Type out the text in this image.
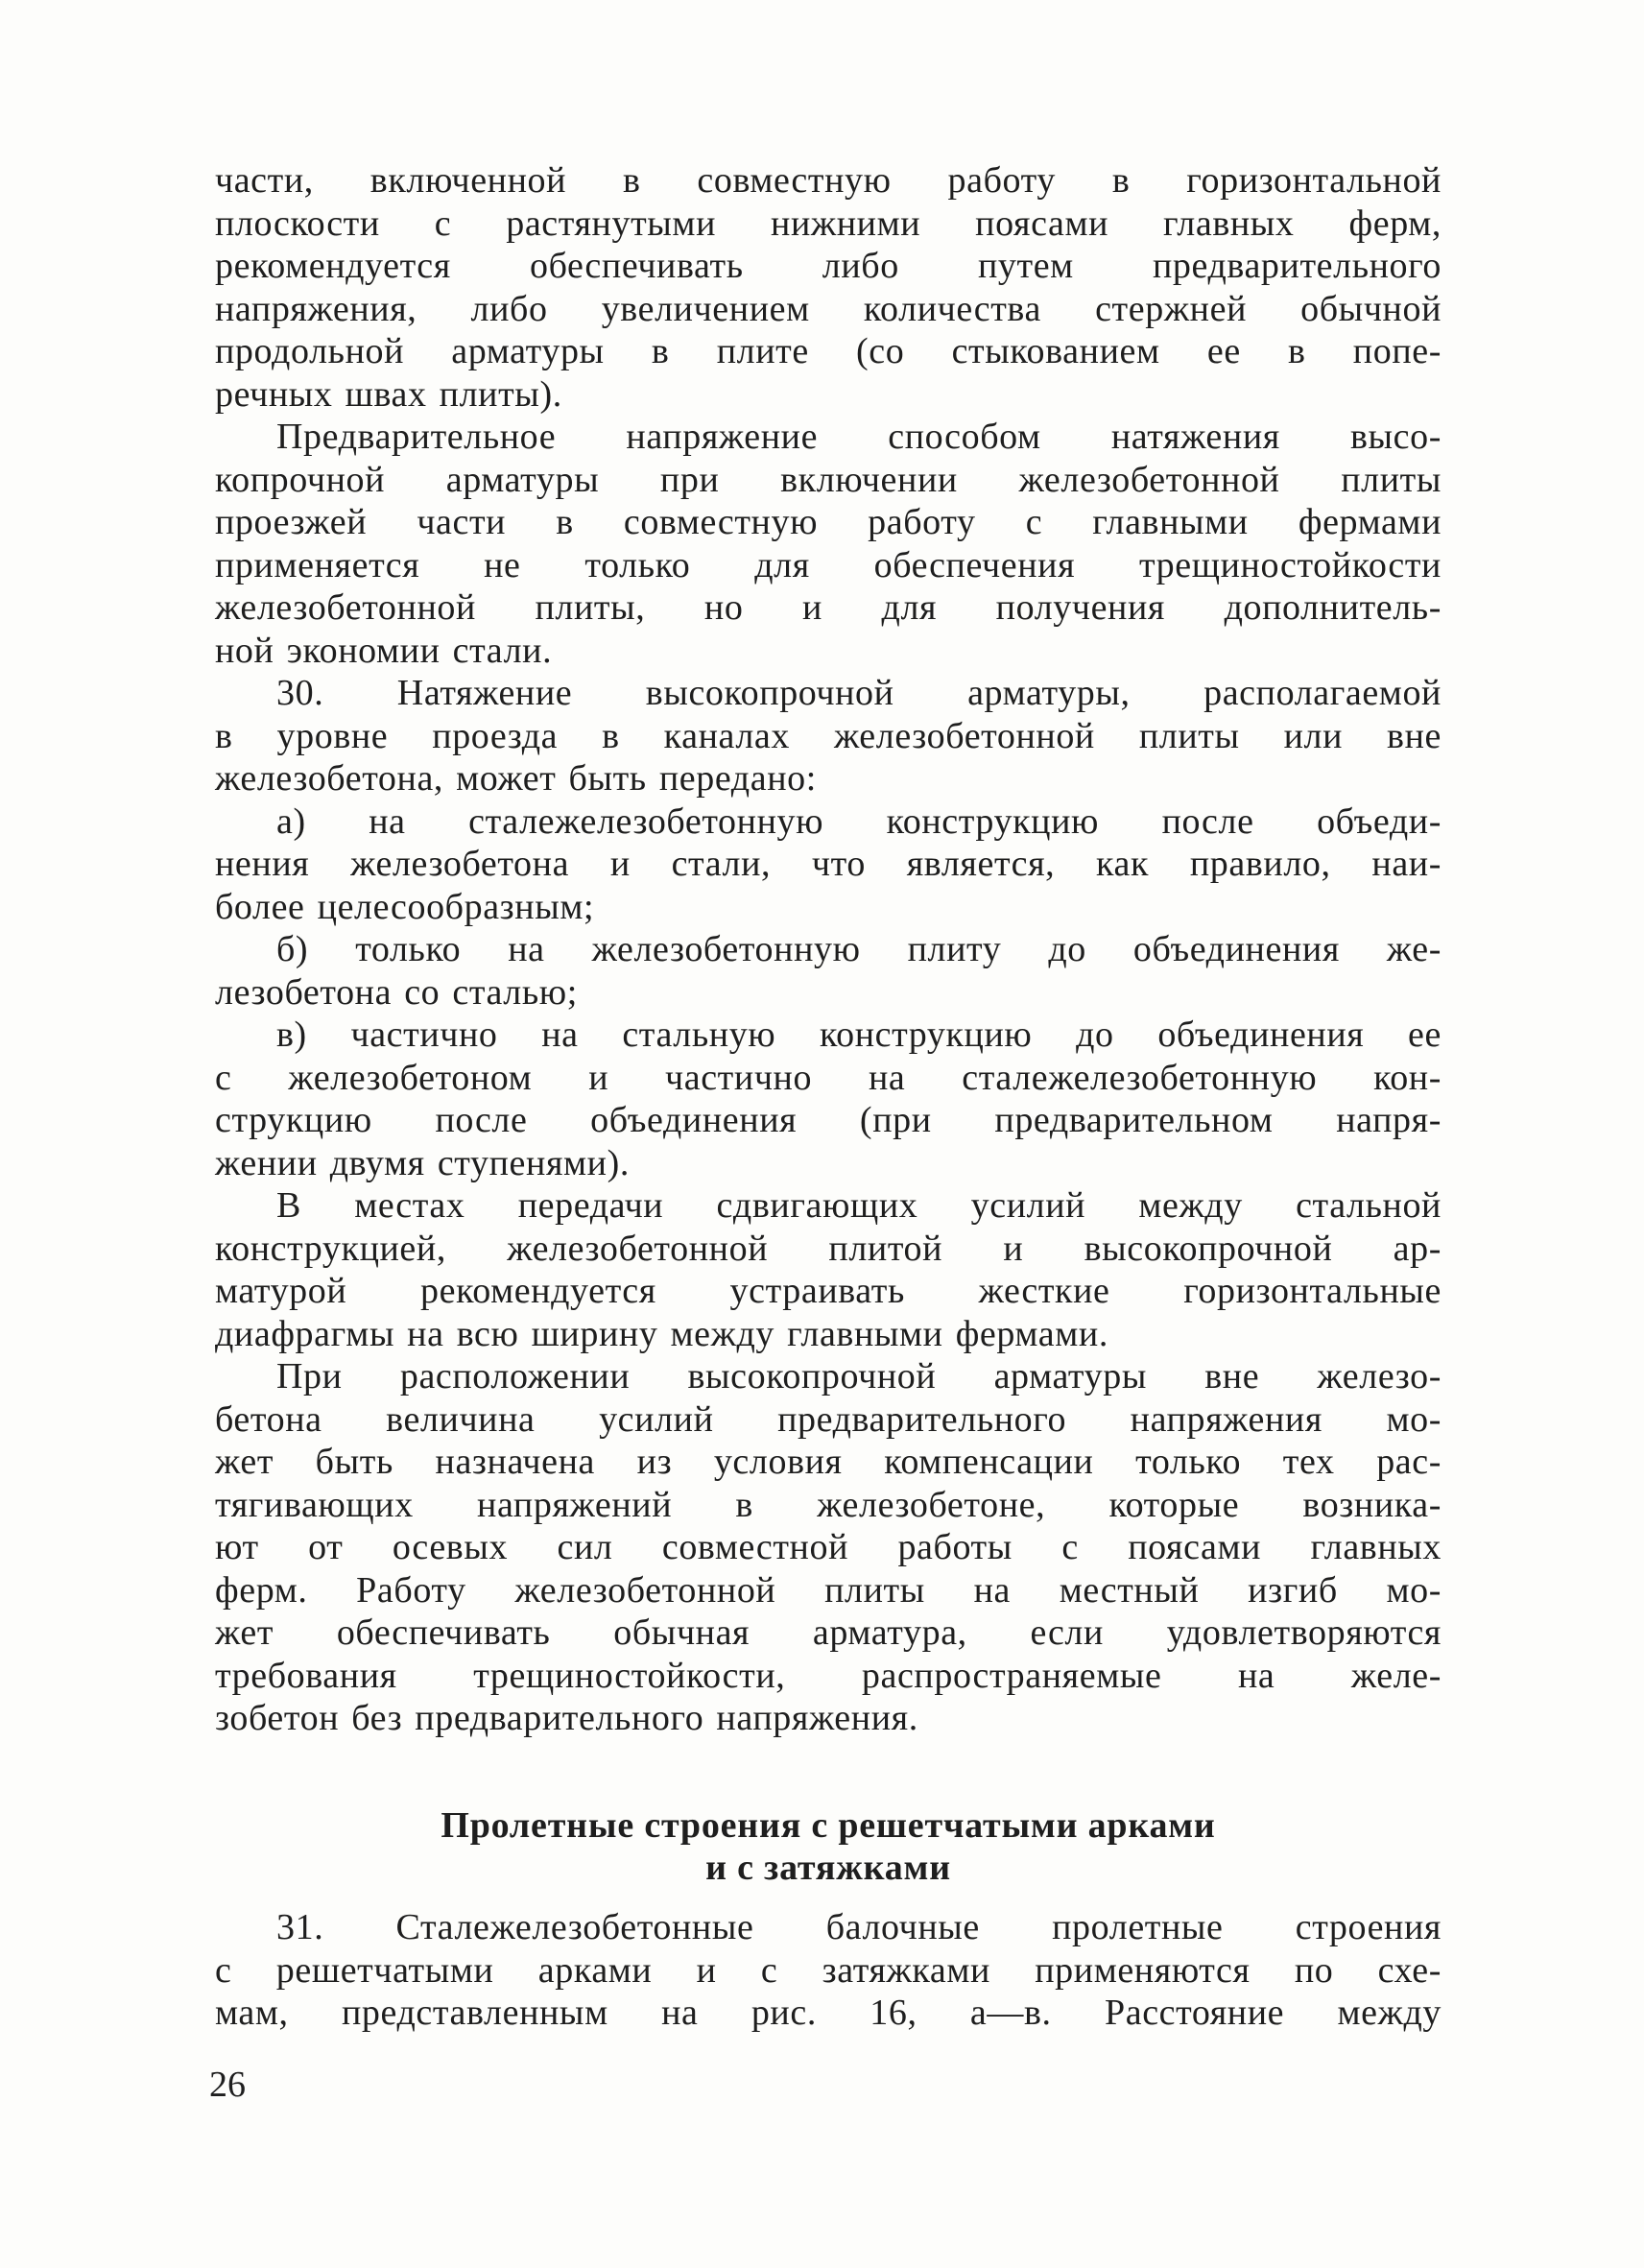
части, включенной в совместную работу в горизонтальной
плоскости с растянутыми нижними поясами главных ферм,
рекомендуется обеспечивать либо путем предварительного
напряжения, либо увеличением количества стержней обычной
продольной арматуры в плите (со стыкованием ее в попе-
речных швах плиты).
Предварительное напряжение способом натяжения высо-
копрочной арматуры при включении железобетонной плиты
проезжей части в совместную работу с главными фермами
применяется не только для обеспечения трещиностойкости
железобетонной плиты, но и для получения дополнитель-
ной экономии стали.
30. Натяжение высокопрочной арматуры, располагаемой
в уровне проезда в каналах железобетонной плиты или вне
железобетона, может быть передано:
а) на сталежелезобетонную конструкцию после объеди-
нения железобетона и стали, что является, как правило, наи-
более целесообразным;
б) только на железобетонную плиту до объединения же-
лезобетона со сталью;
в) частично на стальную конструкцию до объединения ее
с железобетоном и частично на сталежелезобетонную кон-
струкцию после объединения (при предварительном напря-
жении двумя ступенями).
В местах передачи сдвигающих усилий между стальной
конструкцией, железобетонной плитой и высокопрочной ар-
матурой рекомендуется устраивать жесткие горизонтальные
диафрагмы на всю ширину между главными фермами.
При расположении высокопрочной арматуры вне железо-
бетона величина усилий предварительного напряжения мо-
жет быть назначена из условия компенсации только тех рас-
тягивающих напряжений в железобетоне, которые возника-
ют от осевых сил совместной работы с поясами главных
ферм. Работу железобетонной плиты на местный изгиб мо-
жет обеспечивать обычная арматура, если удовлетворяются
требования трещиностойкости, распространяемые на желе-
зобетон без предварительного напряжения.
Пролетные строения с решетчатыми арками
и с затяжками
31. Сталежелезобетонные балочные пролетные строения
с решетчатыми арками и с затяжками применяются по схе-
мам, представленным на рис. 16, а—в. Расстояние между
26
